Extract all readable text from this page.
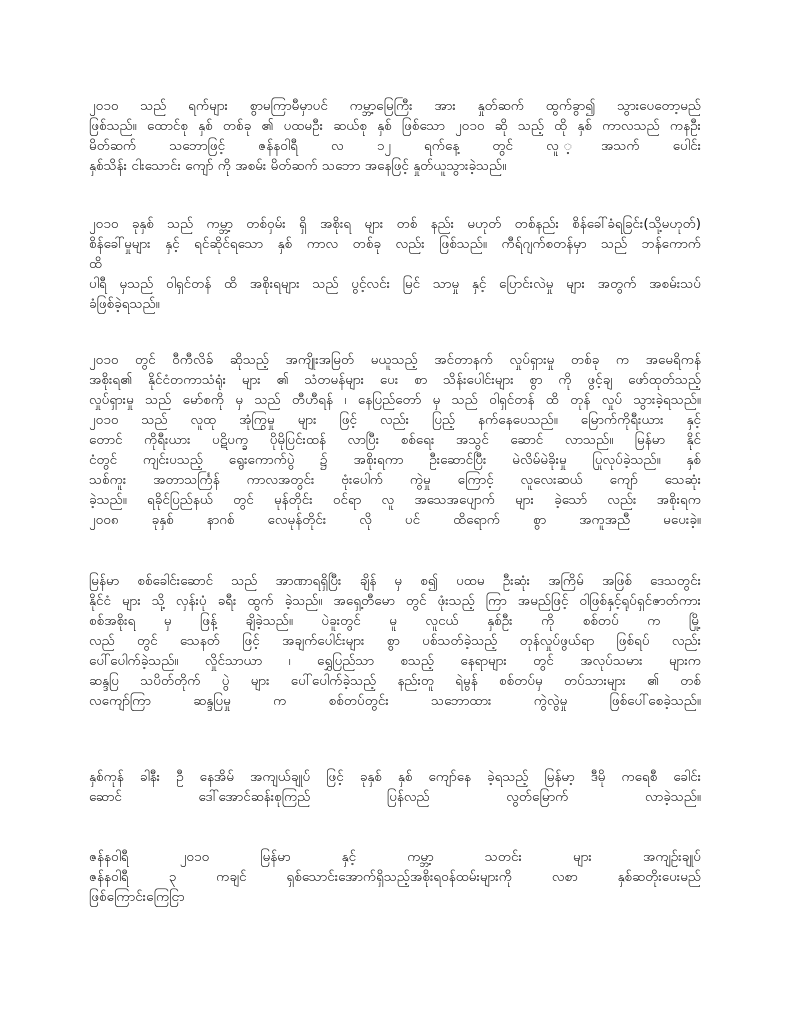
၂၀၁၀ သည် ရက်များ စွာမကြာမီမှာပင် ကမ္ဘာ့မြေကြီး အား နှုတ်ဆက် ထွက်ခွာ၍ သွားပေတော့မည်
ဖြစ်သည်။ ထောင်စု နှစ် တစ်ခု ၏ ပထမဦး ဆယ်စု နှစ် ဖြစ်သော ၂၀၁၀ ဆို သည့် ထို နှစ် ကာလသည် ကနဦး
မိတ်ဆက် သဘောဖြင့် ဇန်နဝါရီ လ ၁၂ ရက်နေ့ တွင် လူ ့အသက် ပေါင်း
နှစ်သိန်း ငါးသောင်း ကျော် ကို အစမ်း မိတ်ဆက် သဘော အနေဖြင့် နှုတ်ယူသွားခဲ့သည်။
၂၀၁၀ ခုနှစ် သည် ကမ္ဘာ့ တစ်ဝှမ်း ရှိ အစိုးရ များ တစ် နည်း မဟုတ် တစ်နည်း စိန်ခေါ်ခံရခြင်း(သို့မဟုတ်)
စိန်ခေါ်မှုများ နှင့် ရင်ဆိုင်ရသော နှစ် ကာလ တစ်ခု လည်း ဖြစ်သည်။ ကီရ်ဂျက်စတန်မှာ သည် ဘန်ကောက်
ထိ
ပါရီ မှသည် ဝါရှင်တန် ထိ အစိုးရများ သည် ပွင့်လင်း မြင် သာမှု နှင့် ပြောင်းလဲမှု များ အတွက် အစမ်းသပ်
ခံဖြစ်ခဲ့ရသည်။
၂၀၁၀ တွင် ဝီကီလိခ် ဆိုသည့် အကျိုးအမြတ် မယူသည့် အင်တာနက် လှုပ်ရှားမှု တစ်ခု က အမေရိကန်
အစိုးရ၏ နိုင်ငံတကာသံရုံး များ ၏ သံတမန်များ ပေး စာ သိန်းပေါင်းများ စွာ ကို ဖွင့်ချ ဖော်ထုတ်သည့်
လှုပ်ရှားမှု သည် မော်စကို မှ သည် တီဟီရန် ၊ နေပြည်တော် မှ သည် ဝါရှင်တန် ထိ တုန် လှုပ် သွားခဲ့ရသည်။
၂၀၁၀ သည် လူထု အုံကြွမှု များ ဖြင့် လည်း ပြည့် နက်နေပေသည်။ မြောက်ကိုရီးယား နှင့်
တောင် ကိုရီးယား ပဋိပက္ခ ပိုမိုပြင်းထန် လာပြီး စစ်ရေး အသွင် ဆောင် လာသည်။ မြန်မာ နိုင်
ငံတွင် ကျင်းပသည့် ရွေးကောက်ပွဲ ၌ အစိုးရကာ ဦးဆောင်ပြီး မဲလိမ်မဲခိုးမှု ပြုလုပ်ခဲ့သည်။ နှစ်
သစ်ကူး အတာသင်္ကြန် ကာလအတွင်း ဗုံးပေါက် ကွဲမှု ကြောင့် လူလေးဆယ် ကျော် သေဆုံး
ခဲ့သည်။ ရခိုင်ပြည်နယ် တွင် မုန်တိုင်း ဝင်ရာ လူ အသေအပျောက် များ ခဲ့သော် လည်း အစိုးရက
၂၀၀၈ ခုနှစ် နာဂစ် လေမုန်တိုင်း လို ပင် ထိရောက် စွာ အကူအညီ မပေးခဲ့။
မြန်မာ စစ်ခေါင်းဆောင် သည် အာဏာရရှိပြီး ချိန် မှ စ၍ ပထမ ဦးဆုံး အကြိမ် အဖြစ် ဒေသတွင်း
နိုင်ငံ များ သို့ လှန်းပုံ ခရီး ထွက် ခဲ့သည်။ အရှေ့တီမော တွင် ဖုံးသည့် ကြာ အမည်ဖြင့် ဝါဖြစ်နှင့်ရုပ်ရှင်ဇာတ်ကား
စစ်အစိုးရ မှ ဖြန့် ချိခဲ့သည်။ ပဲခူးတွင် မူ လူငယ် နှစ်ဦး ကို စစ်တပ် က မြို့
လည် တွင် သေနတ် ဖြင့် အချက်ပေါင်းများ စွာ ပစ်သတ်ခဲ့သည့် တုန်လှုပ်ဖွယ်ရာ ဖြစ်ရပ် လည်း
ပေါ်ပေါက်ခဲ့သည်။ လှိုင်သာယာ ၊ ရွှေပြည်သာ စသည့် နေရာများ တွင် အလုပ်သမား များက
ဆန္ဒပြ သပိတ်တိုက် ပွဲ များ ပေါ်ပေါက်ခဲ့သည့် နည်းတူ ရဲမွန် စစ်တပ်မှ တပ်သားများ ၏ တစ်
လကျော်ကြာ ဆန္ဒပြမှု က စစ်တပ်တွင်း သဘောထား ကွဲလွဲမှု ဖြစ်ပေါ်စေခဲ့သည်။
နှစ်ကုန် ခါနီး ဦ နေအိမ် အကျယ်ချုပ် ဖြင့် ခုနှစ် နှစ် ကျော်နေ ခဲ့ရသည့် မြန်မာ့ ဒီမို ကရေစီ ခေါင်း
ဆောင် ဒေါ်အောင်ဆန်းစုကြည် ပြန်လည် လွတ်မြောက် လာခဲ့သည်။
ဇန်နဝါရီ ၂၀၁၀ မြန်မာ နှင့် ကမ္ဘာ့ သတင်း များ အကျဉ်းချုပ်
ဇန်နဝါရီ ၃ ကချင် ရှစ်သောင်းအောက်ရှိသည့်အစိုးရဝန်ထမ်းများကို လစာ နှစ်ဆတိုးပေးမည်
ဖြစ်ကြောင်းကြေငြာ
